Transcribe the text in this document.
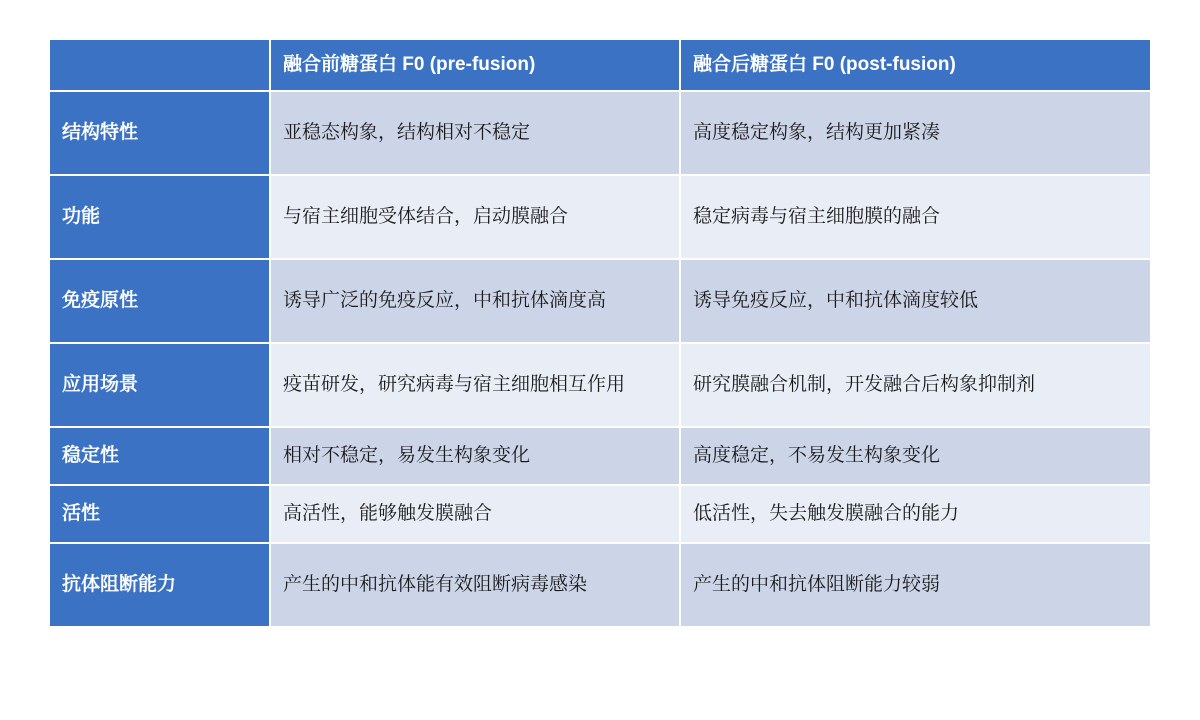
	融合前糖蛋白 F0 (pre-fusion)	融合后糖蛋白 F0 (post-fusion)
结构特性	亚稳态构象，结构相对不稳定	高度稳定构象，结构更加紧凑
功能	与宿主细胞受体结合，启动膜融合	稳定病毒与宿主细胞膜的融合
免疫原性	诱导广泛的免疫反应，中和抗体滴度高	诱导免疫反应，中和抗体滴度较低
应用场景	疫苗研发，研究病毒与宿主细胞相互作用	研究膜融合机制，开发融合后构象抑制剂
稳定性	相对不稳定，易发生构象变化	高度稳定，不易发生构象变化
活性	高活性，能够触发膜融合	低活性，失去触发膜融合的能力
抗体阻断能力	产生的中和抗体能有效阻断病毒感染	产生的中和抗体阻断能力较弱
